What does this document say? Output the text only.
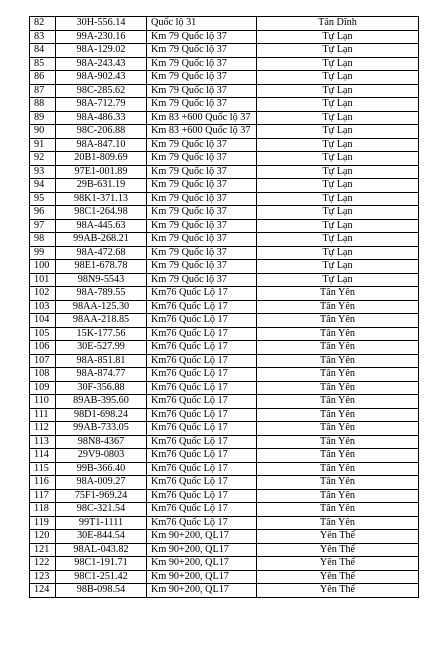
82	30H-556.14	Quốc lộ 31	Tân Dĩnh
83	99A-230.16	Km 79 Quốc lộ 37	Tự Lạn
84	98A-129.02	Km 79 Quốc lộ 37	Tự Lạn
85	98A-243.43	Km 79 Quốc lộ 37	Tự Lạn
86	98A-902.43	Km 79 Quốc lộ 37	Tự Lạn
87	98C-285.62	Km 79 Quốc lộ 37	Tự Lạn
88	98A-712.79	Km 79 Quốc lộ 37	Tự Lạn
89	98A-486.33	Km 83 +600 Quốc lộ 37	Tự Lạn
90	98C-206.88	Km 83 +600 Quốc lộ 37	Tự Lạn
91	98A-847.10	Km 79 Quốc lộ 37	Tự Lạn
92	20B1-809.69	Km 79 Quốc lộ 37	Tự Lạn
93	97E1-001.89	Km 79 Quốc lộ 37	Tự Lạn
94	29B-631.19	Km 79 Quốc lộ 37	Tự Lạn
95	98K1-371.13	Km 79 Quốc lộ 37	Tự Lạn
96	98C1-264.98	Km 79 Quốc lộ 37	Tự Lạn
97	98A-445.63	Km 79 Quốc lộ 37	Tự Lạn
98	99AB-268.21	Km 79 Quốc lộ 37	Tự Lạn
99	98A-472.68	Km 79 Quốc lộ 37	Tự Lạn
100	98E1-678.78	Km 79 Quốc lộ 37	Tự Lạn
101	98N9-5543	Km 79 Quốc lộ 37	Tự Lạn
102	98A-789.55	Km76 Quốc Lộ 17	Tân Yên
103	98AA-125.30	Km76 Quốc Lộ 17	Tân Yên
104	98AA-218.85	Km76 Quốc Lộ 17	Tân Yên
105	15K-177.56	Km76 Quốc Lộ 17	Tân Yên
106	30E-527.99	Km76 Quốc Lộ 17	Tân Yên
107	98A-851.81	Km76 Quốc Lộ 17	Tân Yên
108	98A-874.77	Km76 Quốc Lộ 17	Tân Yên
109	30F-356.88	Km76 Quốc Lộ 17	Tân Yên
110	89AB-395.60	Km76 Quốc Lộ 17	Tân Yên
111	98D1-698.24	Km76 Quốc Lộ 17	Tân Yên
112	99AB-733.05	Km76 Quốc Lộ 17	Tân Yên
113	98N8-4367	Km76 Quốc Lộ 17	Tân Yên
114	29V9-0803	Km76 Quốc Lộ 17	Tân Yên
115	99B-366.40	Km76 Quốc Lộ 17	Tân Yên
116	98A-009.27	Km76 Quốc Lộ 17	Tân Yên
117	75F1-969.24	Km76 Quốc Lộ 17	Tân Yên
118	98C-321.54	Km76 Quốc Lộ 17	Tân Yên
119	99T1-1111	Km76 Quốc Lộ 17	Tân Yên
120	30E-844.54	Km 90+200, QL17	Yên Thế
121	98AL-043.82	Km 90+200, QL17	Yên Thế
122	98C1-191.71	Km 90+200, QL17	Yên Thế
123	98C1-251.42	Km 90+200, QL17	Yên Thế
124	98B-098.54	Km 90+200, QL17	Yên Thế
